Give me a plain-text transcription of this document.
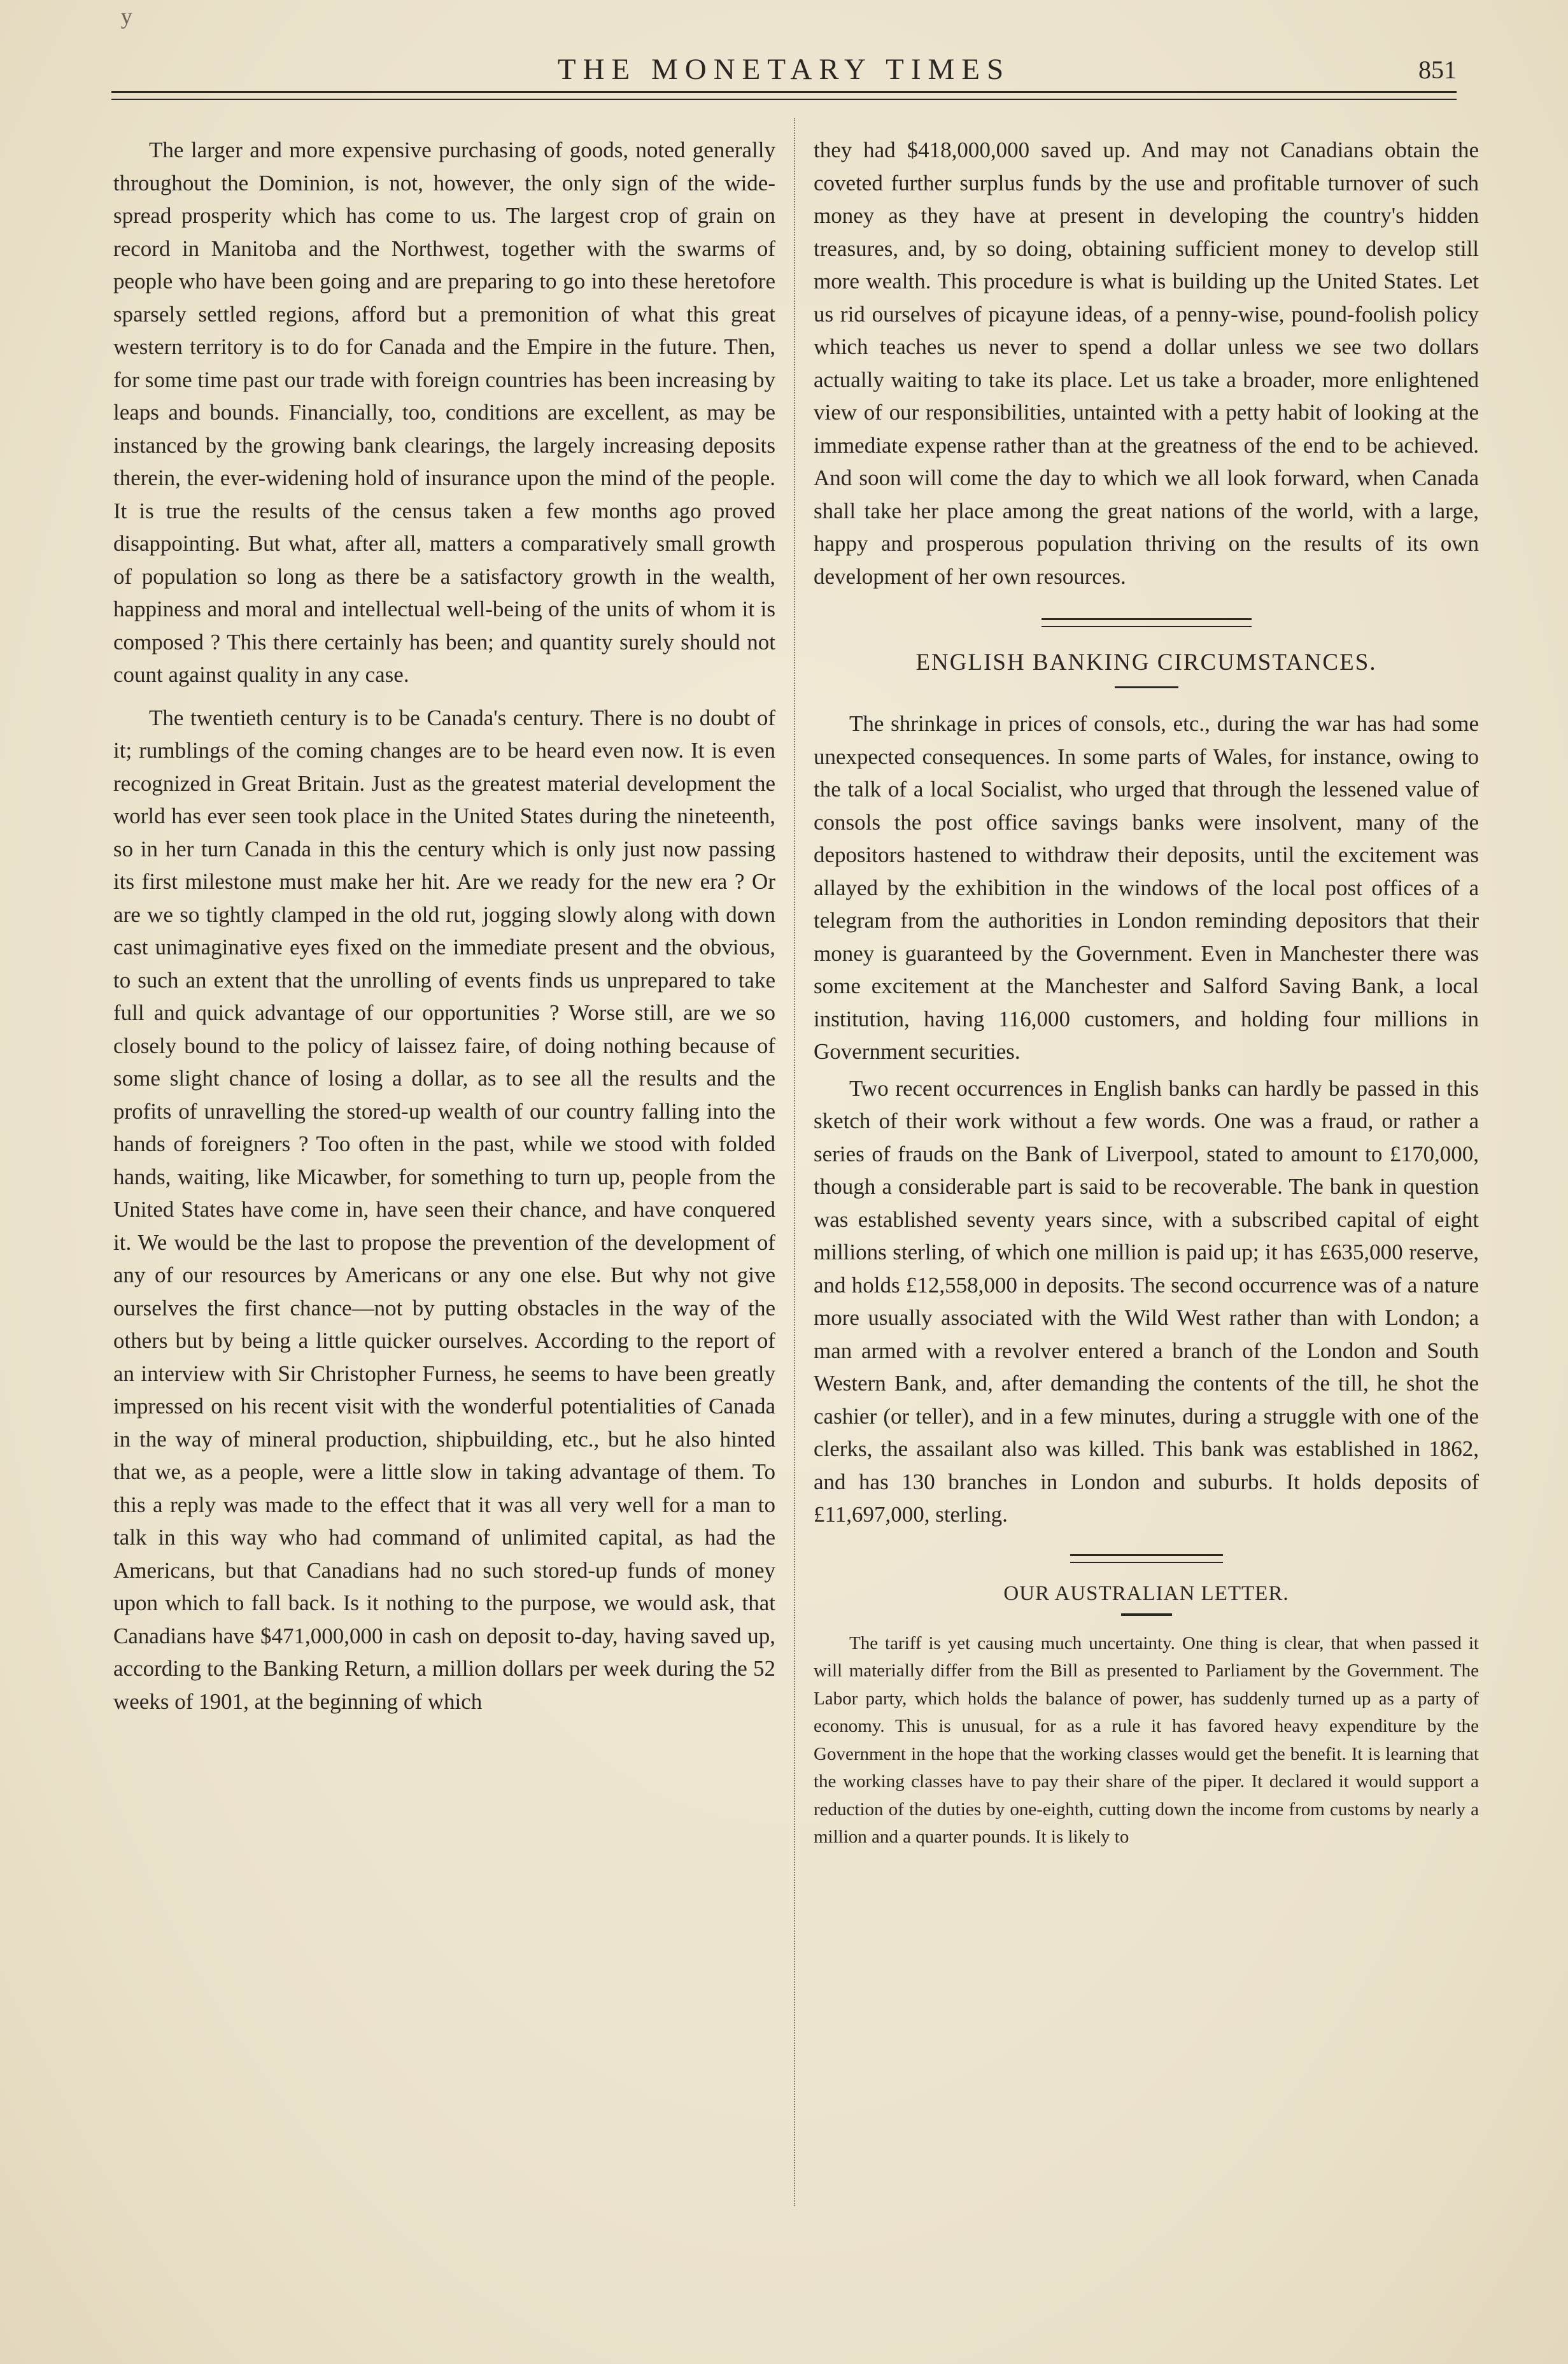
ʸ
THE MONETARY TIMES	851

The larger and more expensive purchasing of goods, noted generally throughout the Dominion, is not, however, the only sign of the wide-spread prosperity which has come to us. The largest crop of grain on record in Manitoba and the Northwest, together with the swarms of people who have been going and are preparing to go into these heretofore sparsely settled regions, afford but a premonition of what this great western territory is to do for Canada and the Empire in the future. Then, for some time past our trade with foreign countries has been increasing by leaps and bounds. Financially, too, conditions are excellent, as may be instanced by the growing bank clearings, the largely increasing deposits therein, the ever-widening hold of insurance upon the mind of the people. It is true the results of the census taken a few months ago proved disappointing. But what, after all, matters a comparatively small growth of population so long as there be a satisfactory growth in the wealth, happiness and moral and intellectual well-being of the units of whom it is composed ? This there certainly has been; and quantity surely should not count against quality in any case.

The twentieth century is to be Canada's century. There is no doubt of it; rumblings of the coming changes are to be heard even now. It is even recognized in Great Britain. Just as the greatest material development the world has ever seen took place in the United States during the nineteenth, so in her turn Canada in this the century which is only just now passing its first milestone must make her hit. Are we ready for the new era ? Or are we so tightly clamped in the old rut, jogging slowly along with down cast unimaginative eyes fixed on the immediate present and the obvious, to such an extent that the unrolling of events finds us unprepared to take full and quick advantage of our opportunities ? Worse still, are we so closely bound to the policy of laissez faire, of doing nothing because of some slight chance of losing a dollar, as to see all the results and the profits of unravelling the stored-up wealth of our country falling into the hands of foreigners ? Too often in the past, while we stood with folded hands, waiting, like Micawber, for something to turn up, people from the United States have come in, have seen their chance, and have conquered it. We would be the last to propose the prevention of the development of any of our resources by Americans or any one else. But why not give ourselves the first chance—not by putting obstacles in the way of the others but by being a little quicker ourselves. According to the report of an interview with Sir Christopher Furness, he seems to have been greatly impressed on his recent visit with the wonderful potentialities of Canada in the way of mineral production, shipbuilding, etc., but he also hinted that we, as a people, were a little slow in taking advantage of them. To this a reply was made to the effect that it was all very well for a man to talk in this way who had command of unlimited capital, as had the Americans, but that Canadians had no such stored-up funds of money upon which to fall back. Is it nothing to the purpose, we would ask, that Canadians have $471,000,000 in cash on deposit to-day, having saved up, according to the Banking Return, a million dollars per week during the 52 weeks of 1901, at the beginning of which

they had $418,000,000 saved up. And may not Canadians obtain the coveted further surplus funds by the use and profitable turnover of such money as they have at present in developing the country's hidden treasures, and, by so doing, obtaining sufficient money to develop still more wealth. This procedure is what is building up the United States. Let us rid ourselves of picayune ideas, of a penny-wise, pound-foolish policy which teaches us never to spend a dollar unless we see two dollars actually waiting to take its place. Let us take a broader, more enlightened view of our responsibilities, untainted with a petty habit of looking at the immediate expense rather than at the greatness of the end to be achieved. And soon will come the day to which we all look forward, when Canada shall take her place among the great nations of the world, with a large, happy and prosperous population thriving on the results of its own development of her own resources.

ENGLISH BANKING CIRCUMSTANCES.

The shrinkage in prices of consols, etc., during the war has had some unexpected consequences. In some parts of Wales, for instance, owing to the talk of a local Socialist, who urged that through the lessened value of consols the post office savings banks were insolvent, many of the depositors hastened to withdraw their deposits, until the excitement was allayed by the exhibition in the windows of the local post offices of a telegram from the authorities in London reminding depositors that their money is guaranteed by the Government. Even in Manchester there was some excitement at the Manchester and Salford Saving Bank, a local institution, having 116,000 customers, and holding four millions in Government securities.

Two recent occurrences in English banks can hardly be passed in this sketch of their work without a few words. One was a fraud, or rather a series of frauds on the Bank of Liverpool, stated to amount to £170,000, though a considerable part is said to be recoverable. The bank in question was established seventy years since, with a subscribed capital of eight millions sterling, of which one million is paid up; it has £635,000 reserve, and holds £12,558,000 in deposits. The second occurrence was of a nature more usually associated with the Wild West rather than with London; a man armed with a revolver entered a branch of the London and South Western Bank, and, after demanding the contents of the till, he shot the cashier (or teller), and in a few minutes, during a struggle with one of the clerks, the assailant also was killed. This bank was established in 1862, and has 130 branches in London and suburbs. It holds deposits of £11,697,000, sterling.

OUR AUSTRALIAN LETTER.

The tariff is yet causing much uncertainty. One thing is clear, that when passed it will materially differ from the Bill as presented to Parliament by the Government. The Labor party, which holds the balance of power, has suddenly turned up as a party of economy. This is unusual, for as a rule it has favored heavy expenditure by the Government in the hope that the working classes would get the benefit. It is learning that the working classes have to pay their share of the piper. It declared it would support a reduction of the duties by one-eighth, cutting down the income from customs by nearly a million and a quarter pounds. It is likely to
